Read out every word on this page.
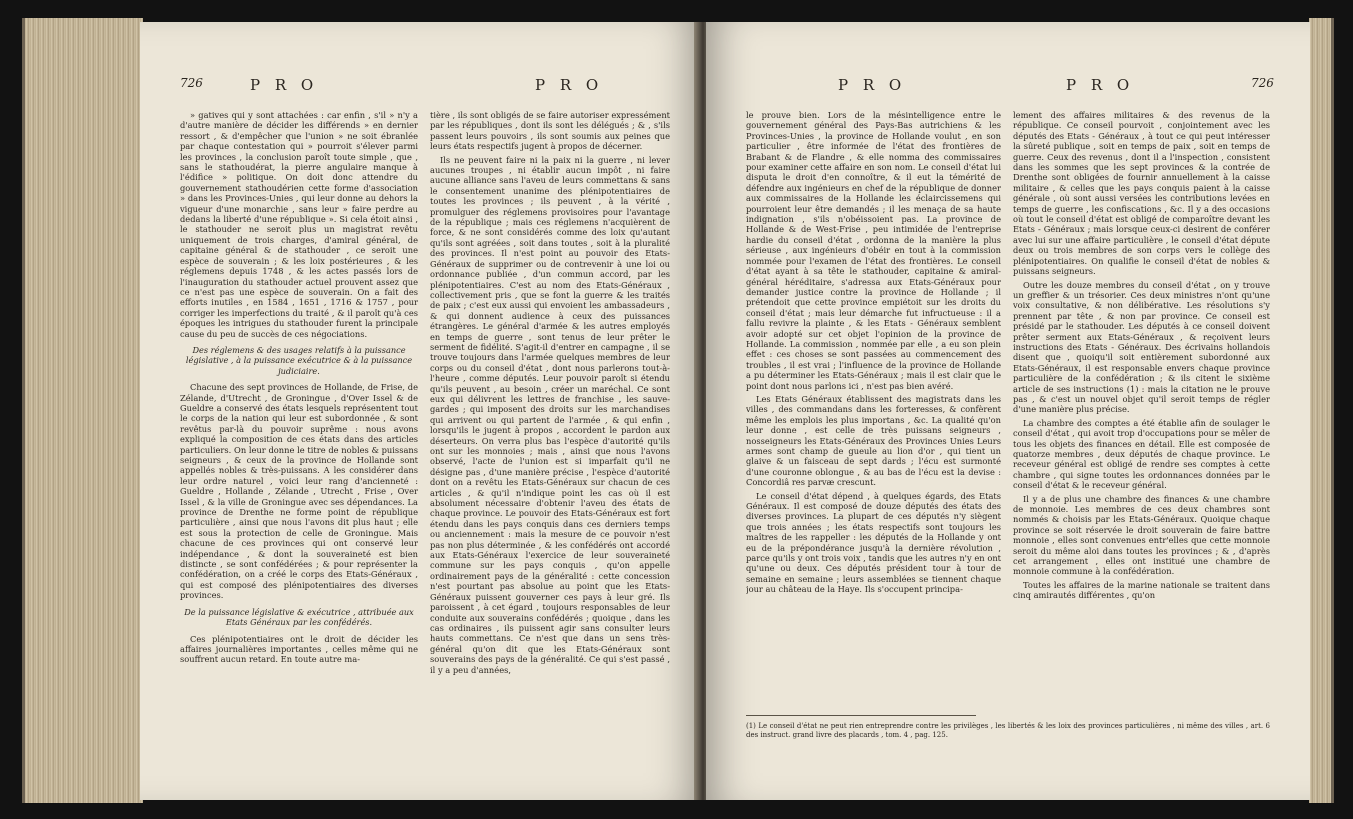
726	P R O	P R O

» gatives qui y sont attachées : car enfin , s'il » n'y a d'autre manière de décider les différends » en dernier ressort , & d'empêcher que l'union » ne soit ébranlée par chaque contestation qui » pourroit s'élever parmi les provinces , la conclusion paroît toute simple , que , sans le stathoudérat, la pierre angulaire manque à l'édifice » politique. On doit donc attendre du gouvernement stathoudérien cette forme d'association » dans les Provinces-Unies , qui leur donne au dehors la vigueur d'une monarchie , sans leur » faire perdre au dedans la liberté d'une république ». Si cela étoit ainsi , le stathouder ne seroit plus un magistrat revêtu uniquement de trois charges, d'amiral général, de capitaine général & de stathouder , ce seroit une espèce de souverain ; & les loix postérieures , & les réglemens depuis 1748 , & les actes passés lors de l'inauguration du stathouder actuel prouvent assez que ce n'est pas une espèce de souverain. On a fait des efforts inutiles , en 1584 , 1651 , 1716 & 1757 , pour corriger les imperfections du traité , & il paroît qu'à ces époques les intrigues du stathouder furent la principale cause du peu de succès de ces négociations.

Des réglemens & des usages relatifs à la puissance législative , à la puissance exécutrice & à la puissance judiciaire.

Chacune des sept provinces de Hollande, de Frise, de Zélande, d'Utrecht , de Groningue , d'Over Issel & de Gueldre a conservé des états lesquels représentent tout le corps de la nation qui leur est subordonnée , & sont revêtus par-là du pouvoir suprême : nous avons expliqué la composition de ces états dans des articles particuliers. On leur donne le titre de nobles & puissans seigneurs , & ceux de la province de Hollande sont appellés nobles & très-puissans. A les considérer dans leur ordre naturel , voici leur rang d'ancienneté : Gueldre , Hollande , Zélande , Utrecht , Frise , Over Issel , & la ville de Groningue avec ses dépendances. La province de Drenthe ne forme point de république particulière , ainsi que nous l'avons dit plus haut ; elle est sous la protection de celle de Groningue. Mais chacune de ces provinces qui ont conservé leur indépendance , & dont la souveraineté est bien distincte , se sont confédérées ; & pour représenter la confédération, on a créé le corps des Etats-Généraux , qui est composé des plénipotentiaires des diverses provinces.

De la puissance législative & exécutrice , attribuée aux Etats Généraux par les confédérés.

Ces plénipotentiaires ont le droit de décider les affaires journalières importantes , celles même qui ne souffrent aucun retard. En toute autre ma-

tière , ils sont obligés de se faire autoriser expressément par les républiques , dont ils sont les délégués ; & , s'ils passent leurs pouvoirs , ils sont soumis aux peines que leurs états respectifs jugent à propos de décerner.

Ils ne peuvent faire ni la paix ni la guerre , ni lever aucunes troupes , ni établir aucun impôt , ni faire aucune alliance sans l'aveu de leurs commettans & sans le consentement unanime des plénipotentiaires de toutes les provinces ; ils peuvent , à la vérité , promulguer des réglemens provisoires pour l'avantage de la république ; mais ces réglemens n'acquièrent de force, & ne sont considérés comme des loix qu'autant qu'ils sont agréées , soit dans toutes , soit à la pluralité des provinces. Il n'est point au pouvoir des Etats-Généraux de supprimer ou de contrevenir à une loi ou ordonnance publiée , d'un commun accord, par les plénipotentiaires. C'est au nom des Etats-Généraux , collectivement pris , que se font la guerre & les traités de paix ; c'est eux aussi qui envoient les ambassadeurs , & qui donnent audience à ceux des puissances étrangères. Le général d'armée & les autres employés en temps de guerre , sont tenus de leur prêter le serment de fidélité. S'agit-il d'entrer en campagne , il se trouve toujours dans l'armée quelques membres de leur corps ou du conseil d'état , dont nous parlerons tout-à-l'heure , comme députés. Leur pouvoir paroît si étendu qu'ils peuvent , au besoin , créer un maréchal. Ce sont eux qui délivrent les lettres de franchise , les sauve-gardes ; qui imposent des droits sur les marchandises qui arrivent ou qui partent de l'armée , & qui enfin , lorsqu'ils le jugent à propos , accordent le pardon aux déserteurs. On verra plus bas l'espèce d'autorité qu'ils ont sur les monnoies ; mais , ainsi que nous l'avons observé, l'acte de l'union est si imparfait qu'il ne désigne pas , d'une manière précise , l'espèce d'autorité dont on a revêtu les Etats-Généraux sur chacun de ces articles , & qu'il n'indique point les cas où il est absolument nécessaire d'obtenir l'aveu des états de chaque province. Le pouvoir des Etats-Généraux est fort étendu dans les pays conquis dans ces derniers temps ou anciennement : mais la mesure de ce pouvoir n'est pas non plus déterminée , & les confédérés ont accordé aux Etats-Généraux l'exercice de leur souveraineté commune sur les pays conquis , qu'on appelle ordinairement pays de la généralité : cette concession n'est pourtant pas absolue au point que les Etats-Généraux puissent gouverner ces pays à leur gré. Ils paroissent , à cet égard , toujours responsables de leur conduite aux souverains confédérés ; quoique , dans les cas ordinaires , ils puissent agir sans consulter leurs hauts commettans. Ce n'est que dans un sens très-général qu'on dit que les Etats-Généraux sont souverains des pays de la généralité. Ce qui s'est passé , il y a peu d'années,

P R O	P R O	726

le prouve bien. Lors de la mésintelligence entre le gouvernement général des Pays-Bas autrichiens & les Provinces-Unies , la province de Hollande voulut , en son particulier , être informée de l'état des frontières de Brabant & de Flandre , & elle nomma des commissaires pour examiner cette affaire en son nom. Le conseil d'état lui disputa le droit d'en connoître, & il eut la témérité de défendre aux ingénieurs en chef de la république de donner aux commissaires de la Hollande les éclaircissemens qui pourroient leur être demandés ; il les menaça de sa haute indignation , s'ils n'obéissoient pas. La province de Hollande & de West-Frise , peu intimidée de l'entreprise hardie du conseil d'état , ordonna de la manière la plus sérieuse , aux ingénieurs d'obéir en tout à la commission nommée pour l'examen de l'état des frontières. Le conseil d'état ayant à sa tête le stathouder, capitaine & amiral-général héréditaire, s'adressa aux Etats-Généraux pour demander justice contre la province de Hollande ; il prétendoit que cette province empiétoit sur les droits du conseil d'état ; mais leur démarche fut infructueuse : il a fallu revivre la plainte , & les Etats - Généraux semblent avoir adopté sur cet objet l'opinion de la province de Hollande. La commission , nommée par elle , a eu son plein effet : ces choses se sont passées au commencement des troubles , il est vrai ; l'influence de la province de Hollande a pu déterminer les Etats-Généraux ; mais il est clair que le point dont nous parlons ici , n'est pas bien avéré.

Les Etats Généraux établissent des magistrats dans les villes , des commandans dans les forteresses, & confèrent même les emplois les plus importans , &c. La qualité qu'on leur donne , est celle de très puissans seigneurs , nosseigneurs les Etats-Généraux des Provinces Unies Leurs armes sont champ de gueule au lion d'or , qui tient un glaive & un faisceau de sept dards ; l'écu est surmonté d'une couronne oblongue , & au bas de l'écu est la devise : Concordiâ res parvæ crescunt.

Le conseil d'état dépend , à quelques égards, des Etats Généraux. Il est composé de douze députés des états des diverses provinces. La plupart de ces députés n'y siègent que trois années ; les états respectifs sont toujours les maîtres de les rappeller : les députés de la Hollande y ont eu de la prépondérance jusqu'à la dernière révolution , parce qu'ils y ont trois voix , tandis que les autres n'y en ont qu'une ou deux. Ces députés président tour à tour de semaine en semaine ; leurs assemblées se tiennent chaque jour au château de la Haye. Ils s'occupent principa-

lement des affaires militaires & des revenus de la république. Ce conseil pourvoit , conjointement avec les députés des Etats - Généraux , à tout ce qui peut intéresser la sûreté publique , soit en temps de paix , soit en temps de guerre. Ceux des revenus , dont il a l'inspection , consistent dans les sommes que les sept provinces & la contrée de Drenthe sont obligées de fournir annuellement à la caisse militaire , & celles que les pays conquis paient à la caisse générale , où sont aussi versées les contributions levées en temps de guerre , les confiscations , &c. Il y a des occasions où tout le conseil d'état est obligé de comparoître devant les Etats - Généraux ; mais lorsque ceux-ci desirent de conférer avec lui sur une affaire particulière , le conseil d'état députe deux ou trois membres de son corps vers le collège des plénipotentiaires. On qualifie le conseil d'état de nobles & puissans seigneurs.

Outre les douze membres du conseil d'état , on y trouve un greffier & un trésorier. Ces deux ministres n'ont qu'une voix consultative, & non délibérative. Les résolutions s'y prennent par tête , & non par province. Ce conseil est présidé par le stathouder. Les députés à ce conseil doivent prêter serment aux Etats-Généraux , & reçoivent leurs instructions des Etats - Généraux. Des écrivains hollandois disent que , quoiqu'il soit entièrement subordonné aux Etats-Généraux, il est responsable envers chaque province particulière de la confédération ; & ils citent le sixième article de ses instructions (1) : mais la citation ne le prouve pas , & c'est un nouvel objet qu'il seroit temps de régler d'une manière plus précise.

La chambre des comptes a été établie afin de soulager le conseil d'état , qui avoit trop d'occupations pour se mêler de tous les objets des finances en détail. Elle est composée de quatorze membres , deux députés de chaque province. Le receveur général est obligé de rendre ses comptes à cette chambre , qui signe toutes les ordonnances données par le conseil d'état & le receveur général.

Il y a de plus une chambre des finances & une chambre de monnoie. Les membres de ces deux chambres sont nommés & choisis par les Etats-Généraux. Quoique chaque province se soit réservée le droit souverain de faire battre monnoie , elles sont convenues entr'elles que cette monnoie seroit du même aloi dans toutes les provinces ; & , d'après cet arrangement , elles ont institué une chambre de monnoie commune à la confédération.

Toutes les affaires de la marine nationale se traitent dans cinq amirautés différentes , qu'on

(1) Le conseil d'état ne peut rien entreprendre contre les privilèges , les libertés & les loix des provinces particulières , ni même des villes , art. 6 des instruct. grand livre des placards , tom. 4 , pag. 125.
